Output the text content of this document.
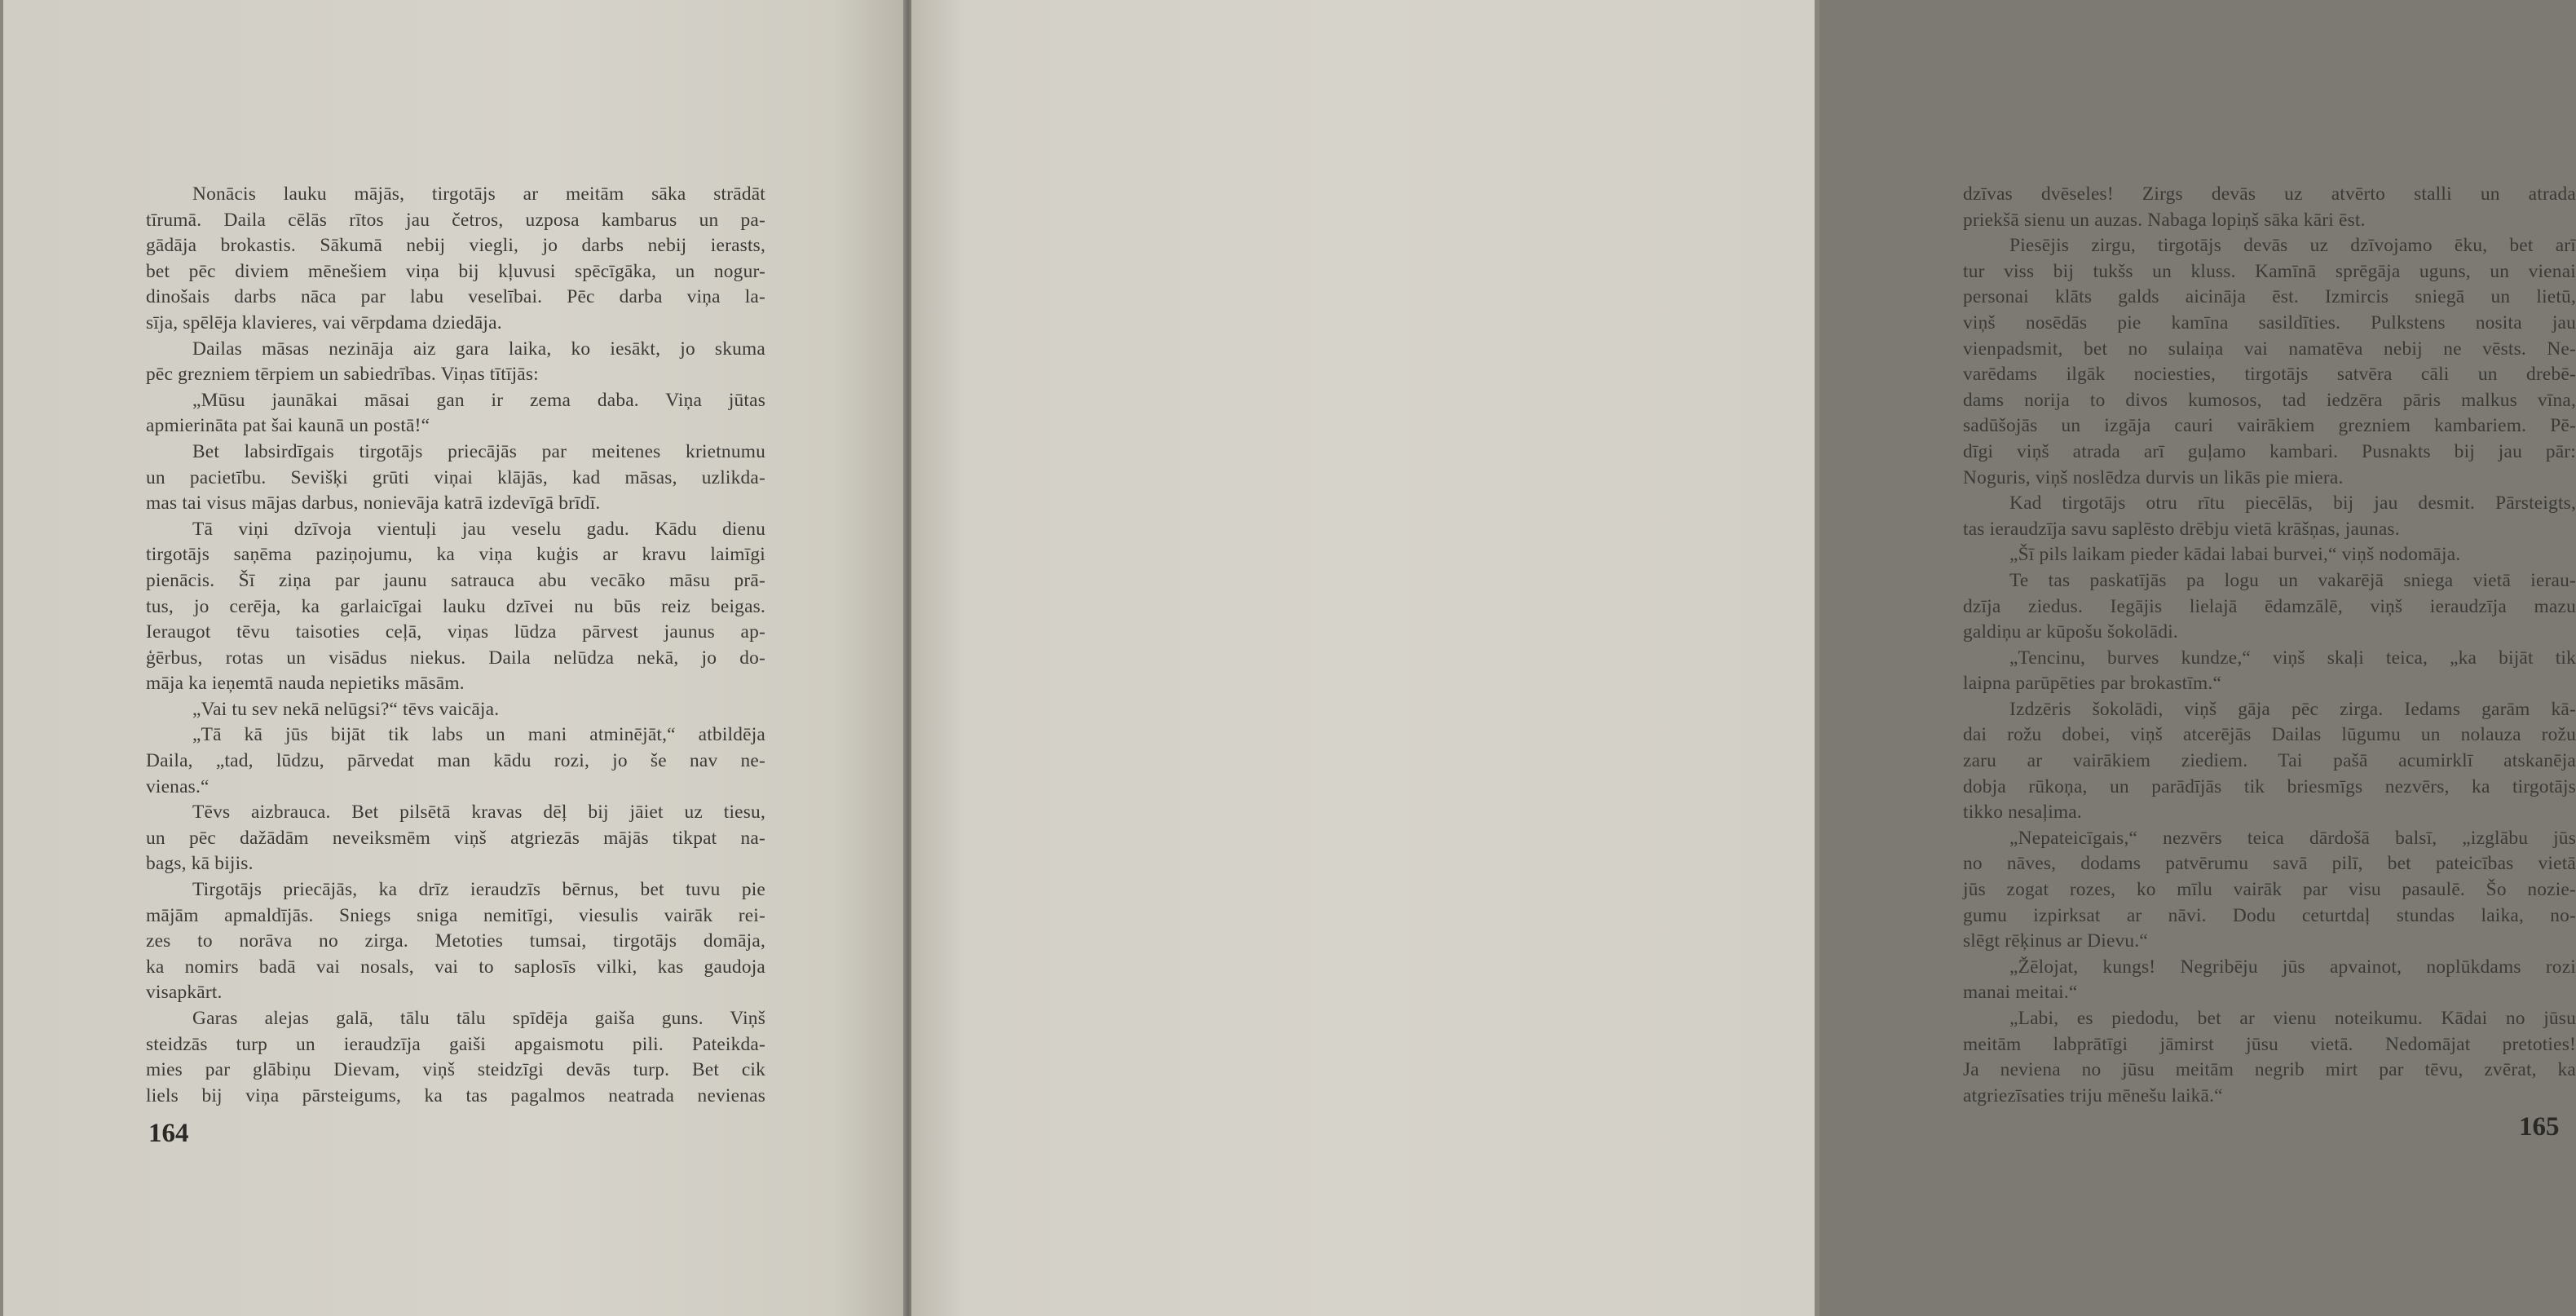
Nonācis lauku mājās, tirgotājs ar meitām sāka strādāt
tīrumā. Daila cēlās rītos jau četros, uzposa kambarus un pa-
gādāja brokastis. Sākumā nebij viegli, jo darbs nebij ierasts,
bet pēc diviem mēnešiem viņa bij kļuvusi spēcīgāka, un nogur-
dinošais darbs nāca par labu veselībai. Pēc darba viņa la-
sīja, spēlēja klavieres, vai vērpdama dziedāja.
Dailas māsas nezināja aiz gara laika, ko iesākt, jo skuma
pēc grezniem tērpiem un sabiedrības. Viņas tītījās:
„Mūsu jaunākai māsai gan ir zema daba. Viņa jūtas
apmierināta pat šai kaunā un postā!“
Bet labsirdīgais tirgotājs priecājās par meitenes krietnumu
un pacietību. Sevišķi grūti viņai klājās, kad māsas, uzlikda-
mas tai visus mājas darbus, nonievāja katrā izdevīgā brīdī.
Tā viņi dzīvoja vientuļi jau veselu gadu. Kādu dienu
tirgotājs saņēma paziņojumu, ka viņa kuģis ar kravu laimīgi
pienācis. Šī ziņa par jaunu satrauca abu vecāko māsu prā-
tus, jo cerēja, ka garlaicīgai lauku dzīvei nu būs reiz beigas.
Ieraugot tēvu taisoties ceļā, viņas lūdza pārvest jaunus ap-
ģērbus, rotas un visādus niekus. Daila nelūdza nekā, jo do-
māja ka ieņemtā nauda nepietiks māsām.
„Vai tu sev nekā nelūgsi?“ tēvs vaicāja.
„Tā kā jūs bijāt tik labs un mani atminējāt,“ atbildēja
Daila, „tad, lūdzu, pārvedat man kādu rozi, jo še nav ne-
vienas.“
Tēvs aizbrauca. Bet pilsētā kravas dēļ bij jāiet uz tiesu,
un pēc dažādām neveiksmēm viņš atgriezās mājās tikpat na-
bags, kā bijis.
Tirgotājs priecājās, ka drīz ieraudzīs bērnus, bet tuvu pie
mājām apmaldījās. Sniegs sniga nemitīgi, viesulis vairāk rei-
zes to norāva no zirga. Metoties tumsai, tirgotājs domāja,
ka nomirs badā vai nosals, vai to saplosīs vilki, kas gaudoja
visapkārt.
Garas alejas galā, tālu tālu spīdēja gaiša guns. Viņš
steidzās turp un ieraudzīja gaiši apgaismotu pili. Pateikda-
mies par glābiņu Dievam, viņš steidzīgi devās turp. Bet cik
liels bij viņa pārsteigums, ka tas pagalmos neatrada nevienas
164
dzīvas dvēseles! Zirgs devās uz atvērto stalli un atrada
priekšā sienu un auzas. Nabaga lopiņš sāka kāri ēst.
Piesējis zirgu, tirgotājs devās uz dzīvojamo ēku, bet arī
tur viss bij tukšs un kluss. Kamīnā sprēgāja uguns, un vienai
personai klāts galds aicināja ēst. Izmircis sniegā un lietū,
viņš nosēdās pie kamīna sasildīties. Pulkstens nosita jau
vienpadsmit, bet no sulaiņa vai namatēva nebij ne vēsts. Ne-
varēdams ilgāk nociesties, tirgotājs satvēra cāli un drebē-
dams norija to divos kumosos, tad iedzēra pāris malkus vīna,
sadūšojās un izgāja cauri vairākiem grezniem kambariem. Pē-
dīgi viņš atrada arī guļamo kambari. Pusnakts bij jau pār:
Noguris, viņš noslēdza durvis un likās pie miera.
Kad tirgotājs otru rītu piecēlās, bij jau desmit. Pārsteigts,
tas ieraudzīja savu saplēsto drēbju vietā krāšņas, jaunas.
„Šī pils laikam pieder kādai labai burvei,“ viņš nodomāja.
Te tas paskatījās pa logu un vakarējā sniega vietā ierau-
dzīja ziedus. Iegājis lielajā ēdamzālē, viņš ieraudzīja mazu
galdiņu ar kūpošu šokolādi.
„Tencinu, burves kundze,“ viņš skaļi teica, „ka bijāt tik
laipna parūpēties par brokastīm.“
Izdzēris šokolādi, viņš gāja pēc zirga. Iedams garām kā-
dai rožu dobei, viņš atcerējās Dailas lūgumu un nolauza rožu
zaru ar vairākiem ziediem. Tai pašā acumirklī atskanēja
dobja rūkoņa, un parādījās tik briesmīgs nezvērs, ka tirgotājs
tikko nesaļima.
„Nepateicīgais,“ nezvērs teica dārdošā balsī, „izglābu jūs
no nāves, dodams patvērumu savā pilī, bet pateicības vietā
jūs zogat rozes, ko mīlu vairāk par visu pasaulē. Šo nozie-
gumu izpirksat ar nāvi. Dodu ceturtdaļ stundas laika, no-
slēgt rēķinus ar Dievu.“
„Žēlojat, kungs! Negribēju jūs apvainot, noplūkdams rozi
manai meitai.“
„Labi, es piedodu, bet ar vienu noteikumu. Kādai no jūsu
meitām labprātīgi jāmirst jūsu vietā. Nedomājat pretoties!
Ja neviena no jūsu meitām negrib mirt par tēvu, zvērat, ka
atgriezīsaties triju mēnešu laikā.“
165
